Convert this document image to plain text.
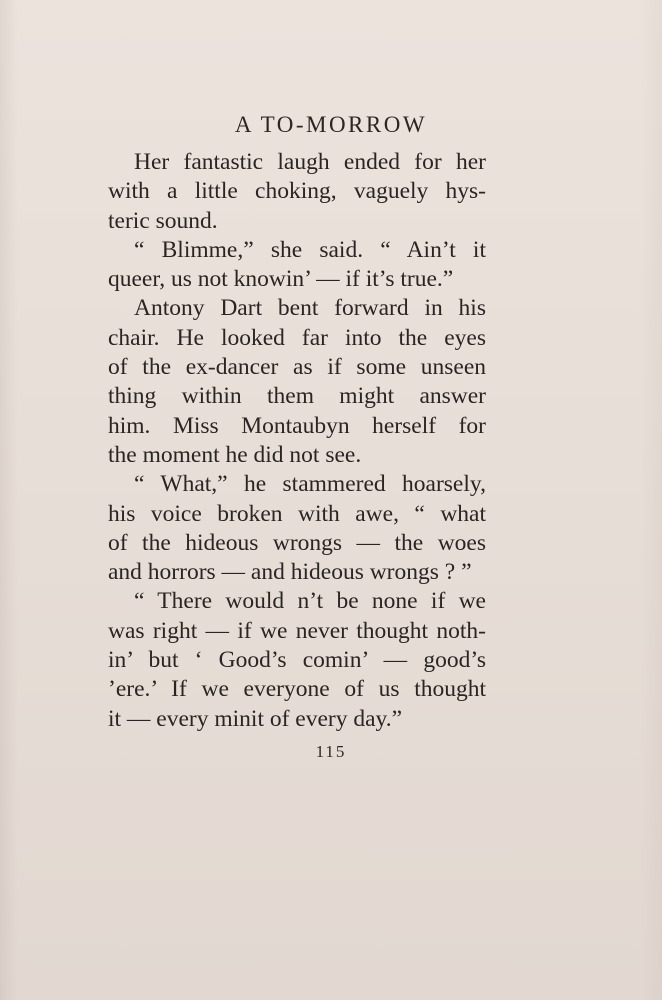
A TO-MORROW
Her fantastic laugh ended for her
with a little choking, vaguely hys-
teric sound.
“ Blimme,” she said. “ Ain’t it
queer, us not knowin’ — if it’s true.”
Antony Dart bent forward in his
chair. He looked far into the eyes
of the ex-dancer as if some unseen
thing within them might answer
him. Miss Montaubyn herself for
the moment he did not see.
“ What,” he stammered hoarsely,
his voice broken with awe, “ what
of the hideous wrongs — the woes
and horrors — and hideous wrongs ? ”
“ There would n’t be none if we
was right — if we never thought noth-
in’ but ‘ Good’s comin’ — good’s
’ere.’ If we everyone of us thought
it — every minit of every day.”
115
